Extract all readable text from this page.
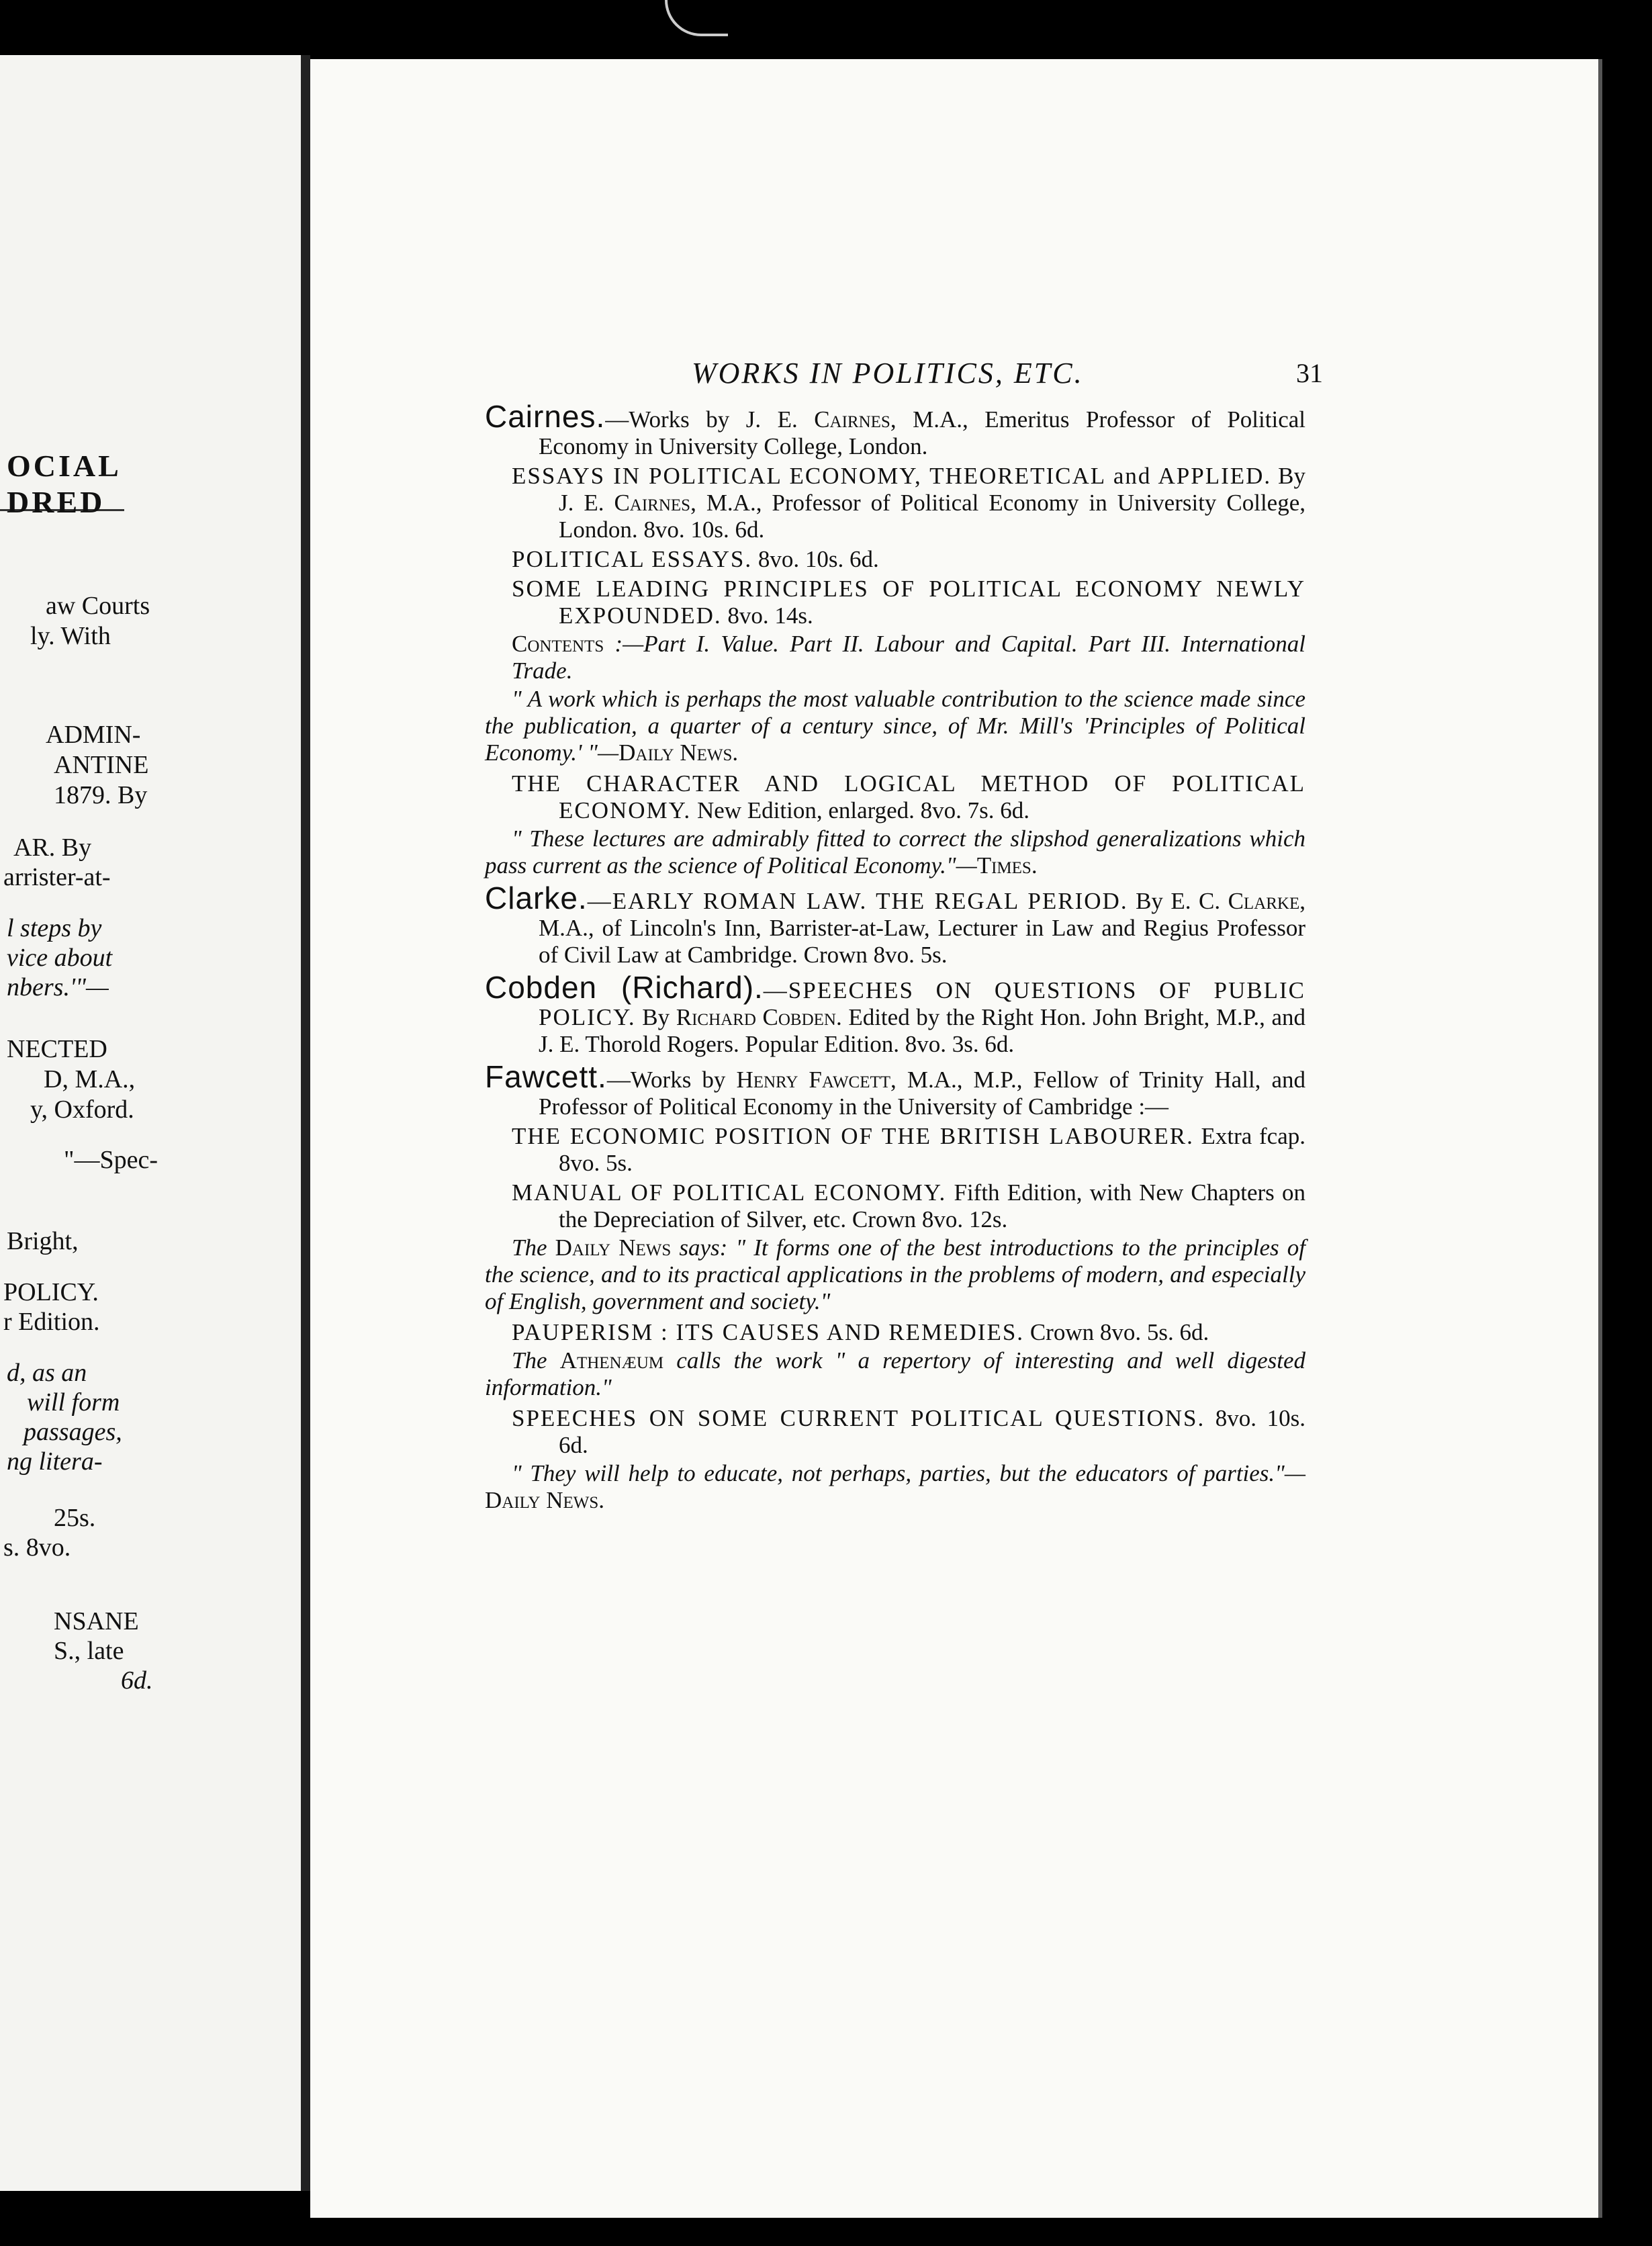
OCIAL
DRED
aw Courts
ly. With
ADMIN-
ANTINE
1879. By
AR. By
arrister-at-
l steps by
vice about
nbers.'"—
NECTED
D, M.A.,
y, Oxford.
"—Spec-
Bright,
POLICY.
r Edition.
d, as an
will form
passages,
ng litera-
25s.
s. 8vo.
NSANE
S., late
6d.
WORKS IN POLITICS, ETC.	31
Cairnes.—Works by J. E. Cairnes, M.A., Emeritus Professor of Political Economy in University College, London.
ESSAYS IN POLITICAL ECONOMY, THEORETICAL and APPLIED. By J. E. Cairnes, M.A., Professor of Political Economy in University College, London. 8vo. 10s. 6d.
POLITICAL ESSAYS. 8vo. 10s. 6d.
SOME LEADING PRINCIPLES OF POLITICAL ECONOMY NEWLY EXPOUNDED. 8vo. 14s.
Contents :—Part I. Value. Part II. Labour and Capital. Part III. International Trade.
" A work which is perhaps the most valuable contribution to the science made since the publication, a quarter of a century since, of Mr. Mill's 'Principles of Political Economy.' "—Daily News.
THE CHARACTER AND LOGICAL METHOD OF POLITICAL ECONOMY. New Edition, enlarged. 8vo. 7s. 6d.
" These lectures are admirably fitted to correct the slipshod generalizations which pass current as the science of Political Economy."—Times.
Clarke.—EARLY ROMAN LAW. THE REGAL PERIOD. By E. C. Clarke, M.A., of Lincoln's Inn, Barrister-at-Law, Lecturer in Law and Regius Professor of Civil Law at Cambridge. Crown 8vo. 5s.
Cobden (Richard).—SPEECHES ON QUESTIONS OF PUBLIC POLICY. By Richard Cobden. Edited by the Right Hon. John Bright, M.P., and J. E. Thorold Rogers. Popular Edition. 8vo. 3s. 6d.
Fawcett.—Works by Henry Fawcett, M.A., M.P., Fellow of Trinity Hall, and Professor of Political Economy in the University of Cambridge :—
THE ECONOMIC POSITION OF THE BRITISH LABOURER. Extra fcap. 8vo. 5s.
MANUAL OF POLITICAL ECONOMY. Fifth Edition, with New Chapters on the Depreciation of Silver, etc. Crown 8vo. 12s.
The Daily News says: " It forms one of the best introductions to the principles of the science, and to its practical applications in the problems of modern, and especially of English, government and society."
PAUPERISM : ITS CAUSES AND REMEDIES. Crown 8vo. 5s. 6d.
The Athenæum calls the work " a repertory of interesting and well digested information."
SPEECHES ON SOME CURRENT POLITICAL QUESTIONS. 8vo. 10s. 6d.
" They will help to educate, not perhaps, parties, but the educators of parties."—Daily News.
